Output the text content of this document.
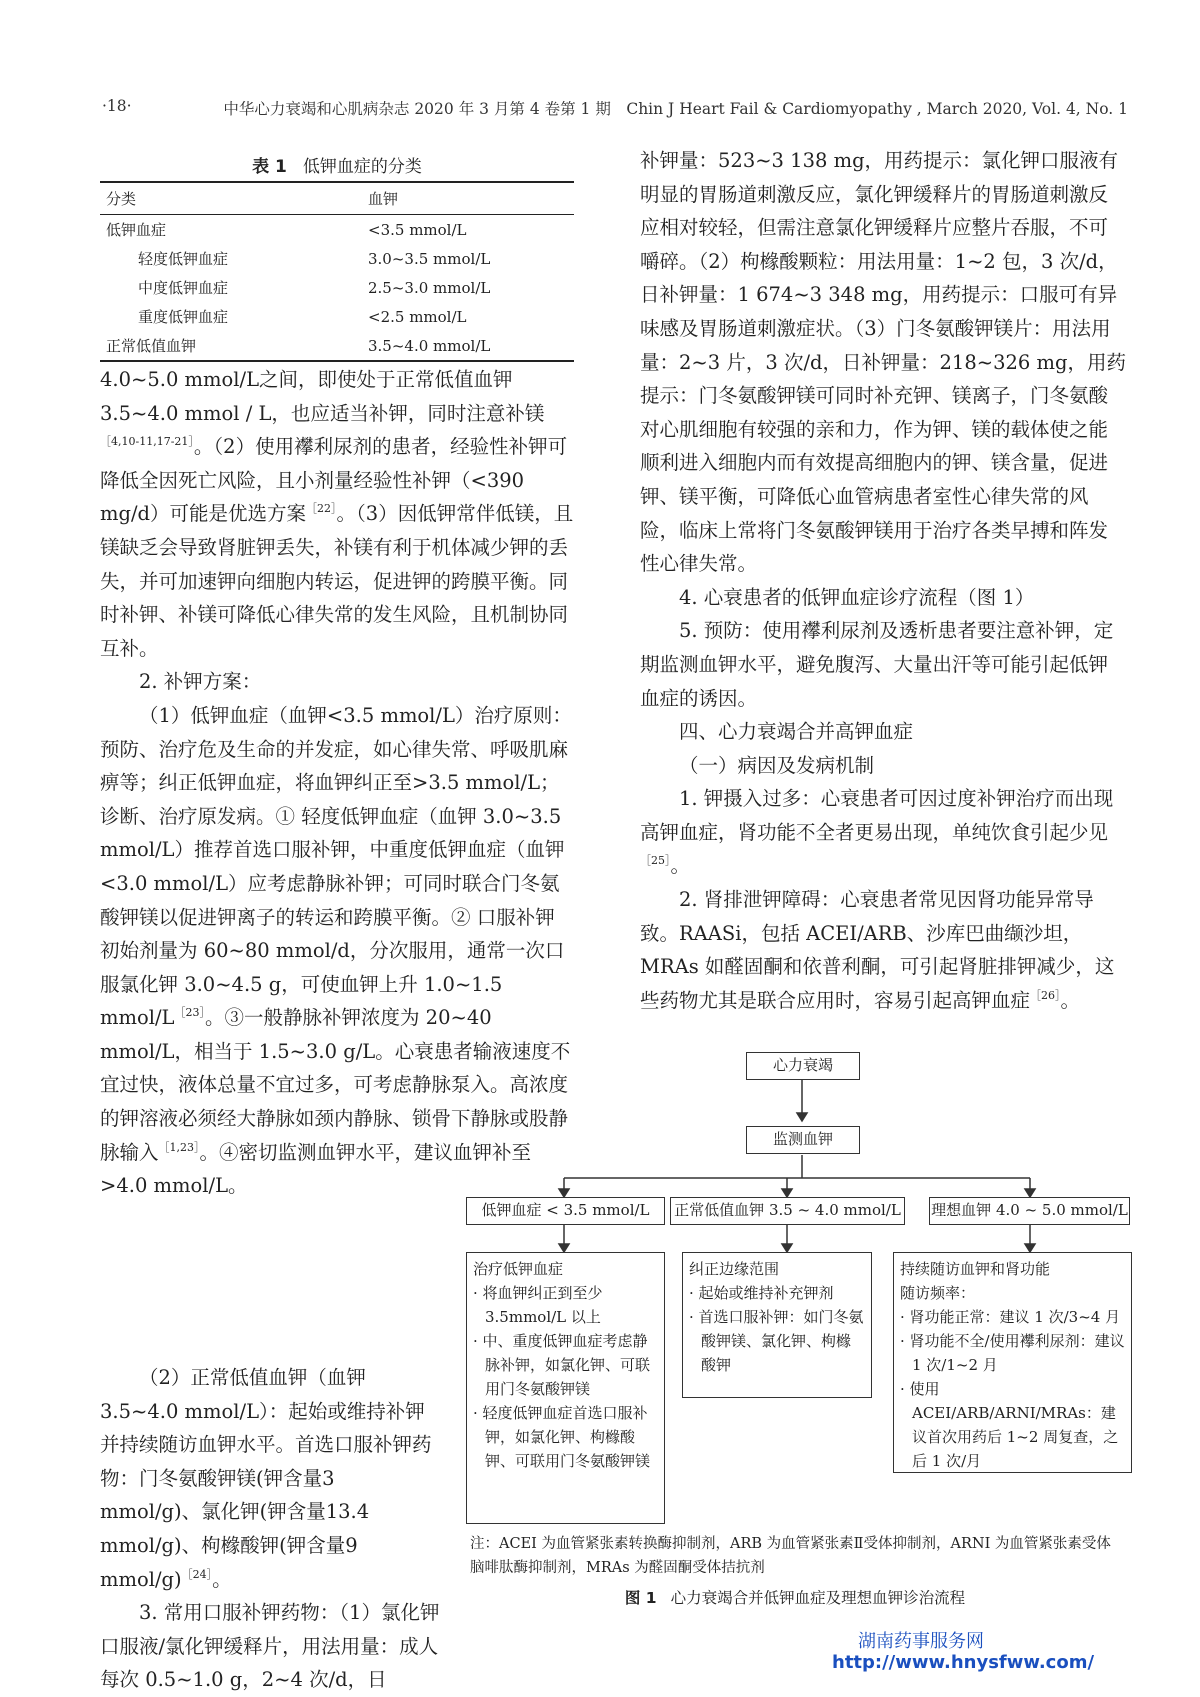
·18·	中华心力衰竭和心肌病杂志 2020 年 3 月第 4 卷第 1 期　Chin J Heart Fail & Cardiomyopathy , March 2020, Vol. 4, No. 1
表 1 低钾血症的分类
分类	血钾
低钾血症	<3.5 mmol/L
轻度低钾血症	3.0~3.5 mmol/L
中度低钾血症	2.5~3.0 mmol/L
重度低钾血症	<2.5 mmol/L
正常低值血钾	3.5~4.0 mmol/L

4.0~5.0 mmol/L之间，即使处于正常低值血钾 3.5~4.0 mmol / L，也应适当补钾，同时注意补镁$^{[4,10-11,17-21]}$。（2）使用襻利尿剂的患者，经验性补钾可降低全因死亡风险，且小剂量经验性补钾（<390 mg/d）可能是优选方案$^{[22]}$。（3）因低钾常伴低镁，且镁缺乏会导致肾脏钾丢失，补镁有利于机体减少钾的丢失，并可加速钾向细胞内转运，促进钾的跨膜平衡。同时补钾、补镁可降低心律失常的发生风险，且机制协同互补。

2. 补钾方案：

（1）低钾血症（血钾<3.5 mmol/L）治疗原则：预防、治疗危及生命的并发症，如心律失常、呼吸肌麻痹等；纠正低钾血症，将血钾纠正至>3.5 mmol/L；诊断、治疗原发病。① 轻度低钾血症（血钾 3.0~3.5 mmol/L）推荐首选口服补钾，中重度低钾血症（血钾<3.0 mmol/L）应考虑静脉补钾；可同时联合门冬氨酸钾镁以促进钾离子的转运和跨膜平衡。② 口服补钾初始剂量为 60~80 mmol/d，分次服用，通常一次口服氯化钾 3.0~4.5 g，可使血钾上升 1.0~1.5 mmol/$L^{[23]}$。③一般静脉补钾浓度为 20~40 mmol/L，相当于 1.5~3.0 g/L。心衰患者输液速度不宜过快，液体总量不宜过多，可考虑静脉泵入。高浓度的钾溶液必须经大静脉如颈内静脉、锁骨下静脉或股静脉输入$^{[1,23]}$。④密切监测血钾水平，建议血钾补至>4.0 mmol/L。

（2）正常低值血钾（血钾 3.5~4.0 mmol/L）：起始或维持补钾并持续随访血钾水平。首选口服补钾药物：门冬氨酸钾镁(钾含量3 mmol/g)、氯化钾(钾含量13.4 mmol/g)、枸橼酸钾(钾含量9 mmol/g)$^{[24]}$。

3. 常用口服补钾药物：（1）氯化钾口服液/氯化钾缓释片，用法用量：成人每次 0.5~1.0 g，2~4 次/d，日

补钾量：523~3 138 mg，用药提示：氯化钾口服液有明显的胃肠道刺激反应，氯化钾缓释片的胃肠道刺激反应相对较轻，但需注意氯化钾缓释片应整片吞服，不可嚼碎。（2）枸橼酸颗粒：用法用量：1~2 包，3 次/d，日补钾量：1 674~3 348 mg，用药提示：口服可有异味感及胃肠道刺激症状。（3）门冬氨酸钾镁片：用法用量：2~3 片，3 次/d，日补钾量：218~326 mg，用药提示：门冬氨酸钾镁可同时补充钾、镁离子，门冬氨酸对心肌细胞有较强的亲和力，作为钾、镁的载体使之能顺利进入细胞内而有效提高细胞内的钾、镁含量，促进钾、镁平衡，可降低心血管病患者室性心律失常的风险，临床上常将门冬氨酸钾镁用于治疗各类早搏和阵发性心律失常。

4. 心衰患者的低钾血症诊疗流程（图 1）

5. 预防：使用襻利尿剂及透析患者要注意补钾，定期监测血钾水平，避免腹泻、大量出汗等可能引起低钾血症的诱因。

四、心力衰竭合并高钾血症

（一）病因及发病机制

1. 钾摄入过多：心衰患者可因过度补钾治疗而出现高钾血症，肾功能不全者更易出现，单纯饮食引起少见$^{[25]}$。

2. 肾排泄钾障碍：心衰患者常见因肾功能异常导致。RAASi，包括 ACEI/ARB、沙库巴曲缬沙坦，MRAs 如醛固酮和依普利酮，可引起肾脏排钾减少，这些药物尤其是联合应用时，容易引起高钾血症$^{[26]}$。

心力衰竭
监测血钾
低钾血症 < 3.5 mmol/L	正常低值血钾 3.5 ~ 4.0 mmol/L 理想血钾 4.0 ~ 5.0 mmol/L
治疗低钾血症
· 将血钾纠正到至少 3.5mmol/L 以上
· 中、重度低钾血症考虑静脉补钾，如氯化钾、可联用门冬氨酸钾镁
· 轻度低钾血症首选口服补钾，如氯化钾、枸橼酸钾、可联用门冬氨酸钾镁
纠正边缘范围
· 起始或维持补充钾剂
· 首选口服补钾：如门冬氨酸钾镁、氯化钾、枸橼酸钾
持续随访血钾和肾功能
随访频率：
· 肾功能正常：建议 1 次/3~4 月
· 肾功能不全/使用襻利尿剂：建议 1 次/1~2 月
· 使用ACEI/ARB/ARNI/MRAs：建议首次用药后 1~2 周复查，之后 1 次/月
注：ACEI 为血管紧张素转换酶抑制剂，ARB 为血管紧张素Ⅱ受体抑制剂，ARNI 为血管紧张素受体脑啡肽酶抑制剂，MRAs 为醛固酮受体拮抗剂
图 1 心力衰竭合并低钾血症及理想血钾诊治流程
湖南药事服务网
http://www.hnysfww.com/
